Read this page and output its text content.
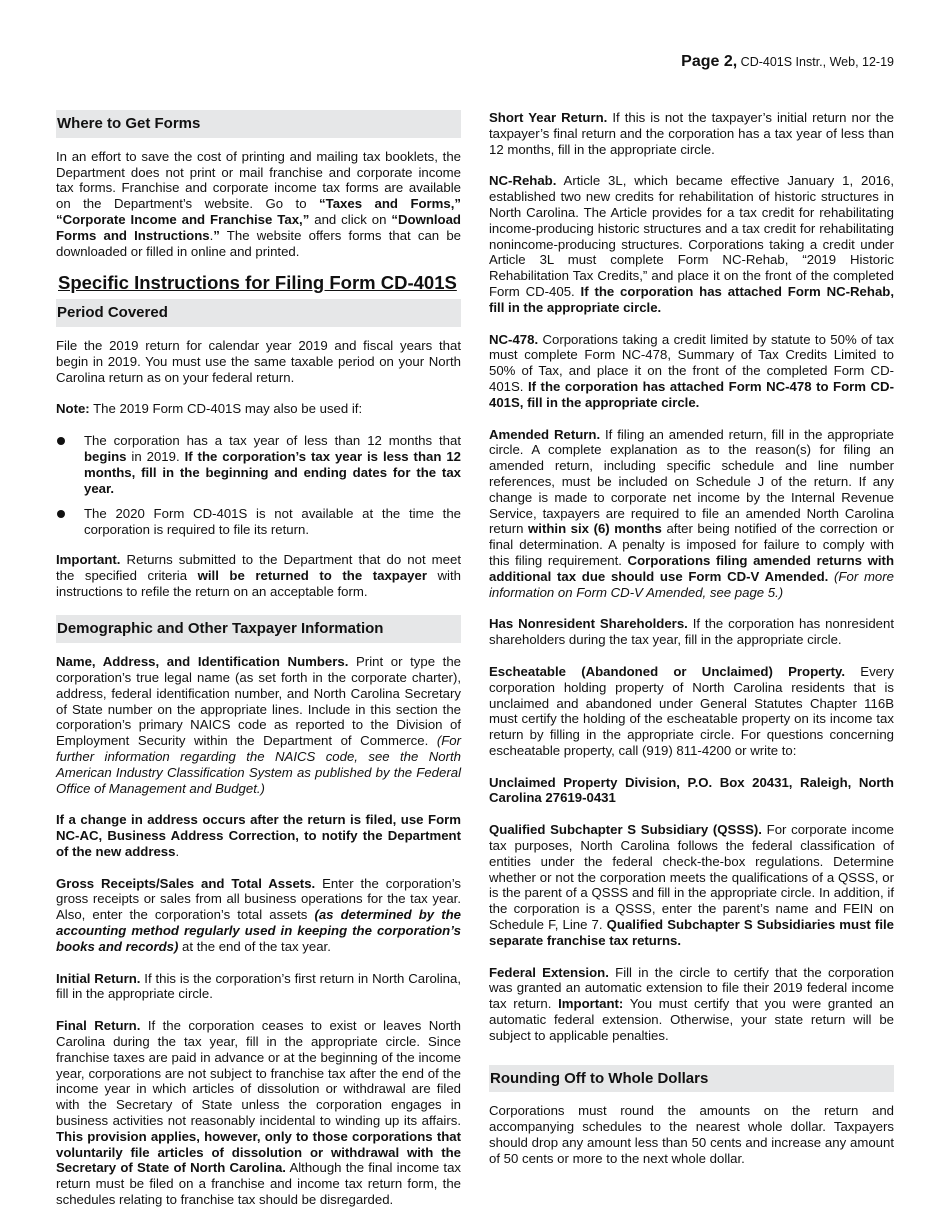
Page 2, CD-401S Instr., Web, 12-19
Where to Get Forms

In an effort to save the cost of printing and mailing tax booklets, the Department does not print or mail franchise and corporate income tax forms. Franchise and corporate income tax forms are available on the Department’s website. Go to “Taxes and Forms,” “Corporate Income and Franchise Tax,” and click on “Download Forms and Instructions.” The website offers forms that can be downloaded or filled in online and printed.

Specific Instructions for Filing Form CD-401S
Period Covered

File the 2019 return for calendar year 2019 and fiscal years that begin in 2019. You must use the same taxable period on your North Carolina return as on your federal return.

Note: The 2019 Form CD-401S may also be used if:

The corporation has a tax year of less than 12 months that begins in 2019. If the corporation’s tax year is less than 12 months, fill in the beginning and ending dates for the tax year.
The 2020 Form CD-401S is not available at the time the corporation is required to file its return.

Important. Returns submitted to the Department that do not meet the specified criteria will be returned to the taxpayer with instructions to refile the return on an acceptable form.

Demographic and Other Taxpayer Information

Name, Address, and Identification Numbers. Print or type the corporation’s true legal name (as set forth in the corporate charter), address, federal identification number, and North Carolina Secretary of State number on the appropriate lines. Include in this section the corporation’s primary NAICS code as reported to the Division of Employment Security within the Department of Commerce. (For further information regarding the NAICS code, see the North American Industry Classification System as published by the Federal Office of Management and Budget.)

If a change in address occurs after the return is filed, use Form NC-AC, Business Address Correction, to notify the Department of the new address.

Gross Receipts/Sales and Total Assets. Enter the corporation’s gross receipts or sales from all business operations for the tax year. Also, enter the corporation’s total assets (as determined by the accounting method regularly used in keeping the corporation’s books and records) at the end of the tax year.

Initial Return. If this is the corporation’s first return in North Carolina, fill in the appropriate circle.

Final Return. If the corporation ceases to exist or leaves North Carolina during the tax year, fill in the appropriate circle. Since franchise taxes are paid in advance or at the beginning of the income year, corporations are not subject to franchise tax after the end of the income year in which articles of dissolution or withdrawal are filed with the Secretary of State unless the corporation engages in business activities not reasonably incidental to winding up its affairs. This provision applies, however, only to those corporations that voluntarily file articles of dissolution or withdrawal with the Secretary of State of North Carolina. Although the final income tax return must be filed on a franchise and income tax return form, the schedules relating to franchise tax should be disregarded.

Short Year Return. If this is not the taxpayer’s initial return nor the taxpayer’s final return and the corporation has a tax year of less than 12 months, fill in the appropriate circle.

NC-Rehab. Article 3L, which became effective January 1, 2016, established two new credits for rehabilitation of historic structures in North Carolina. The Article provides for a tax credit for rehabilitating income-producing historic structures and a tax credit for rehabilitating nonincome-producing structures. Corporations taking a credit under Article 3L must complete Form NC-Rehab, “2019 Historic Rehabilitation Tax Credits,” and place it on the front of the completed Form CD-405. If the corporation has attached Form NC-Rehab, fill in the appropriate circle.

NC-478. Corporations taking a credit limited by statute to 50% of tax must complete Form NC-478, Summary of Tax Credits Limited to 50% of Tax, and place it on the front of the completed Form CD-401S. If the corporation has attached Form NC-478 to Form CD-401S, fill in the appropriate circle.

Amended Return. If filing an amended return, fill in the appropriate circle. A complete explanation as to the reason(s) for filing an amended return, including specific schedule and line number references, must be included on Schedule J of the return. If any change is made to corporate net income by the Internal Revenue Service, taxpayers are required to file an amended North Carolina return within six (6) months after being notified of the correction or final determination. A penalty is imposed for failure to comply with this filing requirement. Corporations filing amended returns with additional tax due should use Form CD-V Amended. (For more information on Form CD-V Amended, see page 5.)

Has Nonresident Shareholders. If the corporation has nonresident shareholders during the tax year, fill in the appropriate circle.

Escheatable (Abandoned or Unclaimed) Property. Every corporation holding property of North Carolina residents that is unclaimed and abandoned under General Statutes Chapter 116B must certify the holding of the escheatable property on its income tax return by filling in the appropriate circle. For questions concerning escheatable property, call (919) 811-4200 or write to:

Unclaimed Property Division, P.O. Box 20431, Raleigh, North Carolina 27619-0431

Qualified Subchapter S Subsidiary (QSSS). For corporate income tax purposes, North Carolina follows the federal classification of entities under the federal check-the-box regulations. Determine whether or not the corporation meets the qualifications of a QSSS, or is the parent of a QSSS and fill in the appropriate circle. In addition, if the corporation is a QSSS, enter the parent’s name and FEIN on Schedule F, Line 7. Qualified Subchapter S Subsidiaries must file separate franchise tax returns.

Federal Extension. Fill in the circle to certify that the corporation was granted an automatic extension to file their 2019 federal income tax return. Important: You must certify that you were granted an automatic federal extension. Otherwise, your state return will be subject to applicable penalties.

Rounding Off to Whole Dollars

Corporations must round the amounts on the return and accompanying schedules to the nearest whole dollar. Taxpayers should drop any amount less than 50 cents and increase any amount of 50 cents or more to the next whole dollar.
